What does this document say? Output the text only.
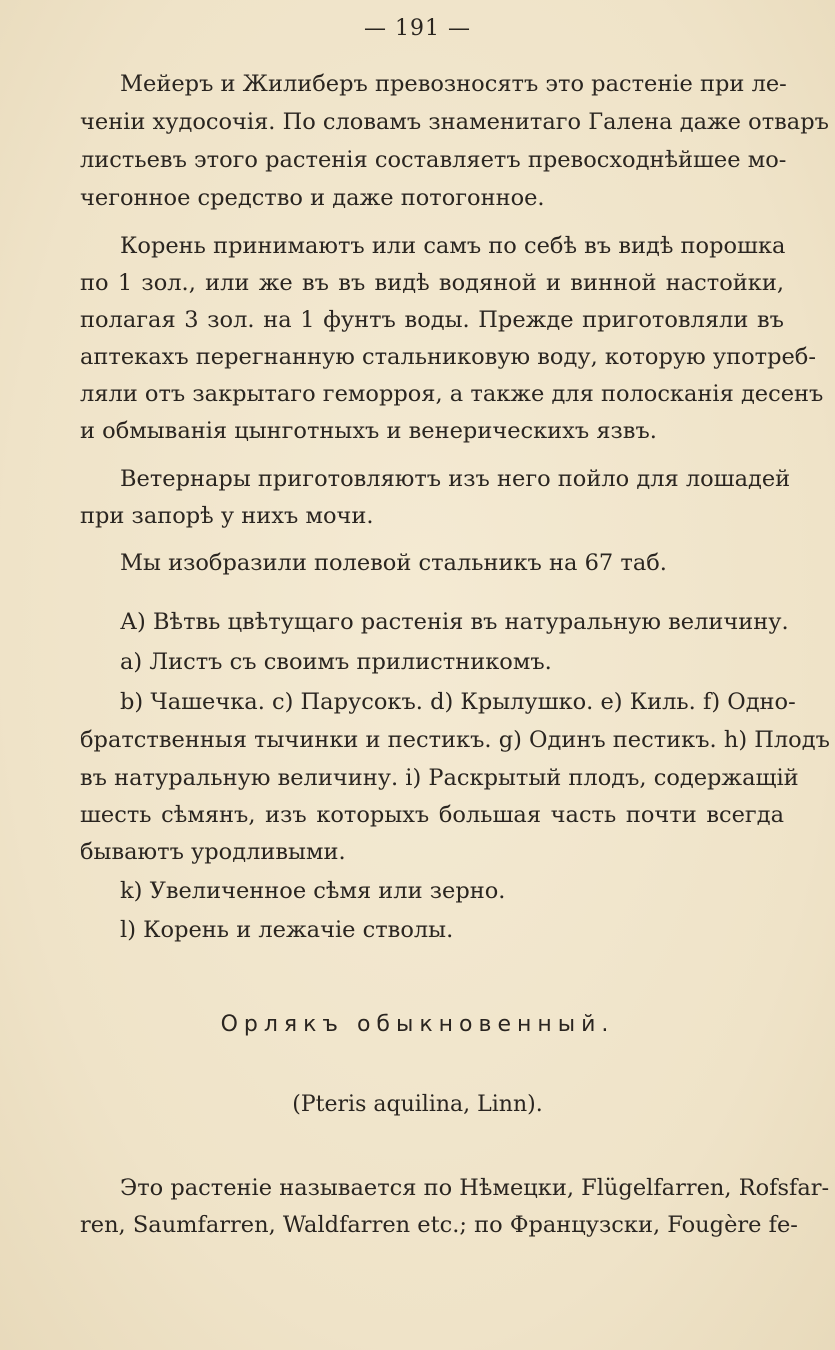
— 191 —
Мейеръ и Жилиберъ превозносятъ это растеніе при ле-
ченіи худосочія. По словамъ знаменитаго Галена даже отваръ
листьевъ этого растенія составляетъ превосходнѣйшее мо-
чегонное средство и даже потогонное.
Корень принимаютъ или самъ по себѣ въ видѣ порошка
по 1 зол., или же въ въ видѣ водяной и винной настойки,
полагая 3 зол. на 1 фунтъ воды. Прежде приготовляли въ
аптекахъ перегнанную стальниковую воду, которую употреб-
ляли отъ закрытаго геморроя, а также для полосканія десенъ
и обмыванія цынготныхъ и венерическихъ язвъ.
Ветернары приготовляютъ изъ него пойло для лошадей
при запорѣ у нихъ мочи.
Мы изобразили полевой стальникъ на 67 таб.
А) Вѣтвь цвѣтущаго растенія въ натуральную величину.
а) Листъ съ своимъ прилистникомъ.
b) Чашечка. c) Парусокъ. d) Крылушко. e) Киль. f) Одно-
братственныя тычинки и пестикъ. g) Одинъ пестикъ. h) Плодъ
въ натуральную величину. i) Раскрытый плодъ, содержащій
шесть сѣмянъ, изъ которыхъ большая часть почти всегда
бываютъ уродливыми.
k) Увеличенное сѣмя или зерно.
l) Корень и лежачіе стволы.
Орлякъ обыкновенный.
(Pteris aquilina, Linn).
Это растеніе называется по Нѣмецки, Flügelfarren, Rofsfar-
ren, Saumfarren, Waldfarren etc.; по Французски, Fougère fe-
